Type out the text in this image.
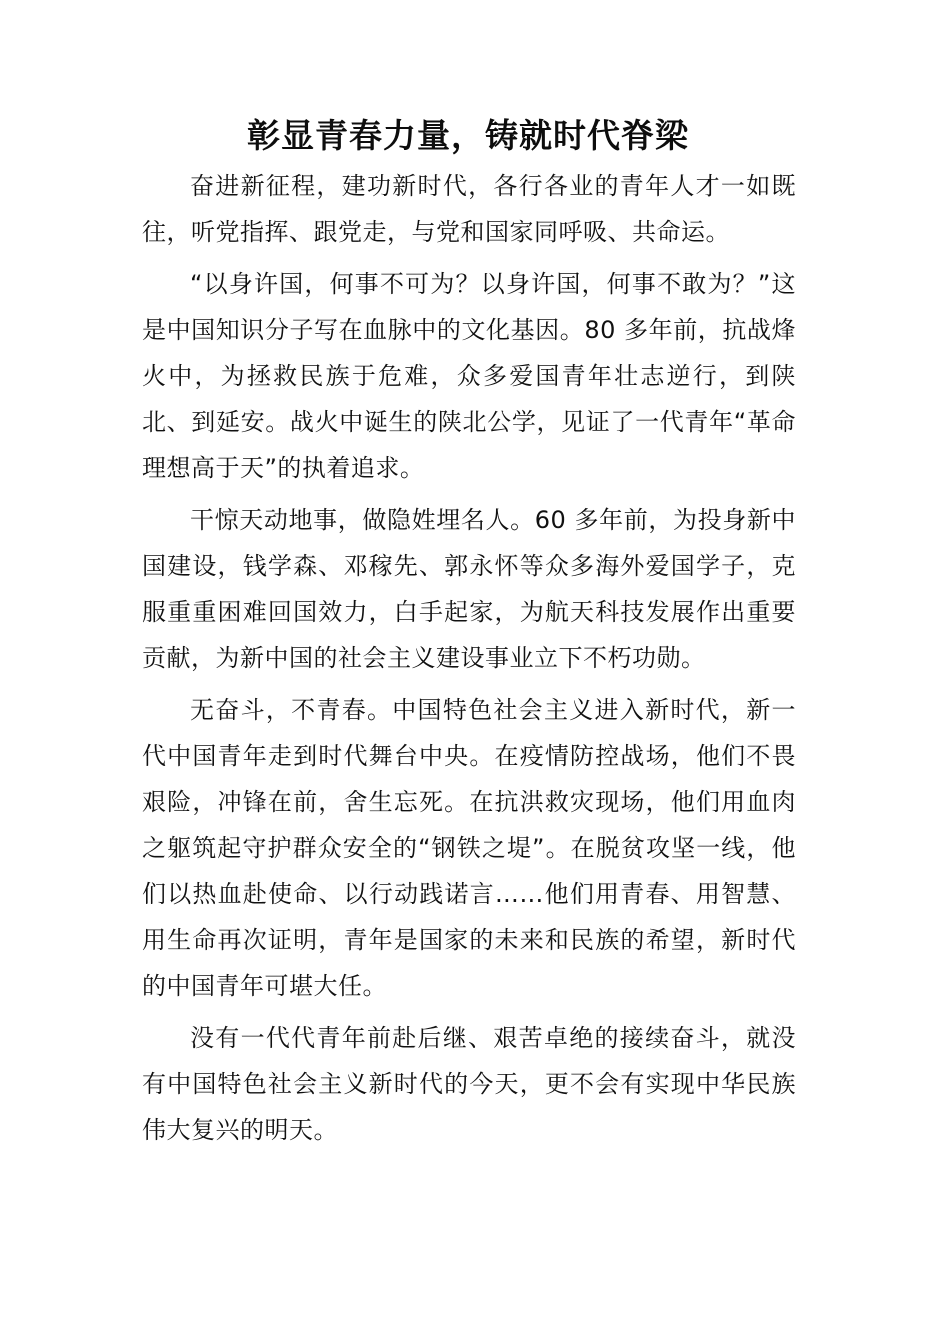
彰显青春力量，铸就时代脊梁

奋进新征程，建功新时代，各行各业的青年人才一如既往，听党指挥、跟党走，与党和国家同呼吸、共命运。

“以身许国，何事不可为？以身许国，何事不敢为？”这是中国知识分子写在血脉中的文化基因。80 多年前，抗战烽火中，为拯救民族于危难，众多爱国青年壮志逆行，到陕北、到延安。战火中诞生的陕北公学，见证了一代青年“革命理想高于天”的执着追求。

干惊天动地事，做隐姓埋名人。60 多年前，为投身新中国建设，钱学森、邓稼先、郭永怀等众多海外爱国学子，克服重重困难回国效力，白手起家，为航天科技发展作出重要贡献，为新中国的社会主义建设事业立下不朽功勋。

无奋斗，不青春。中国特色社会主义进入新时代，新一代中国青年走到时代舞台中央。在疫情防控战场，他们不畏艰险，冲锋在前，舍生忘死。在抗洪救灾现场，他们用血肉之躯筑起守护群众安全的“钢铁之堤”。在脱贫攻坚一线，他们以热血赴使命、以行动践诺言……他们用青春、用智慧、用生命再次证明，青年是国家的未来和民族的希望，新时代的中国青年可堪大任。

没有一代代青年前赴后继、艰苦卓绝的接续奋斗，就没有中国特色社会主义新时代的今天，更不会有实现中华民族伟大复兴的明天。
